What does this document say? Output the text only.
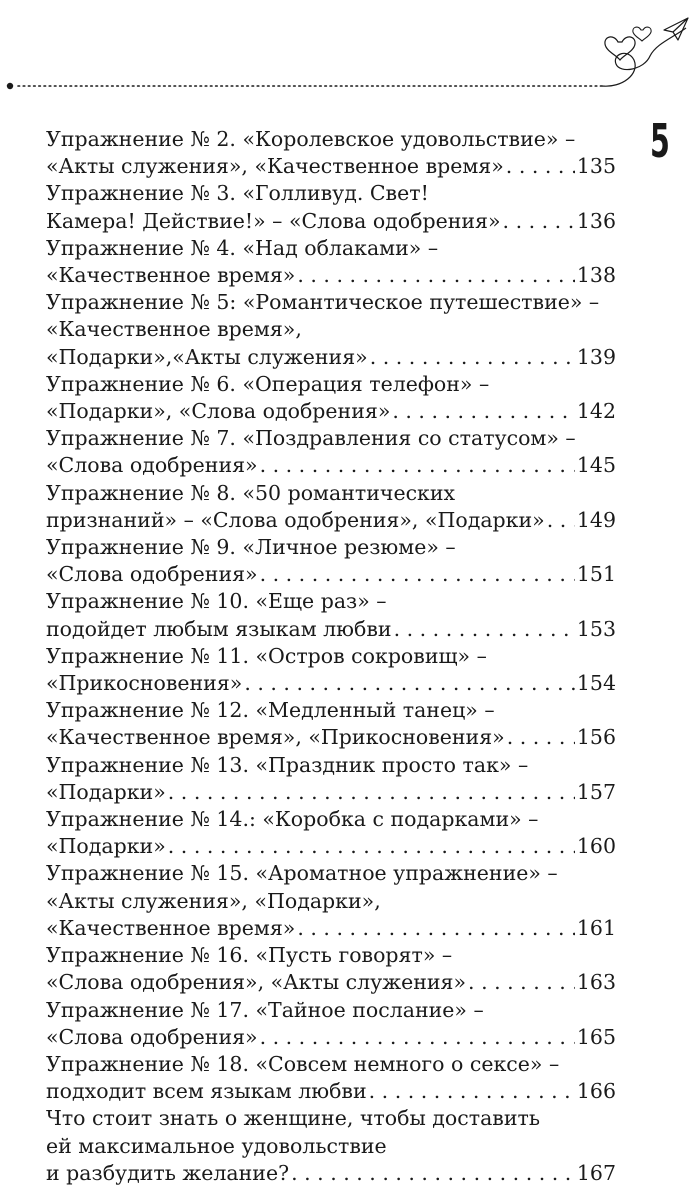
5
Упражнение № 2. «Королевское удовольствие» –
«Акты служения», «Качественное время» . . .	135
Упражнение № 3. «Голливуд. Свет!
Камера! Действие!» – «Слова одобрения» . . .	136
Упражнение № 4. «Над облаками» –
«Качественное время» . . .	138
Упражнение № 5: «Романтическое путешествие» –
«Качественное время»,
«Подарки»,«Акты служения» . . .	139
Упражнение № 6. «Операция телефон» –
«Подарки», «Слова одобрения» . . .	142
Упражнение № 7. «Поздравления со статусом» –
«Слова одобрения» . . .	145
Упражнение № 8. «50 романтических
признаний» – «Слова одобрения», «Подарки» . . . 149
Упражнение № 9. «Личное резюме» –
«Слова одобрения» . . .	151
Упражнение № 10. «Еще раз» –
подойдет любым языкам любви . . .	153
Упражнение № 11. «Остров сокровищ» –
«Прикосновения» . . .	154
Упражнение № 12. «Медленный танец» –
«Качественное время», «Прикосновения» . . .	156
Упражнение № 13. «Праздник просто так» –
«Подарки» . . .	157
Упражнение № 14.: «Коробка с подарками» –
«Подарки» . . .	160
Упражнение № 15. «Ароматное упражнение» –
«Акты служения», «Подарки»,
«Качественное время» . . .	161
Упражнение № 16. «Пусть говорят» –
«Слова одобрения», «Акты служения» . . .	163
Упражнение № 17. «Тайное послание» –
«Слова одобрения» . . .	165
Упражнение № 18. «Совсем немного о сексе» –
подходит всем языкам любви . . .	166
Что стоит знать о женщине, чтобы доставить
ей максимальное удовольствие
и разбудить желание? . . .	167
